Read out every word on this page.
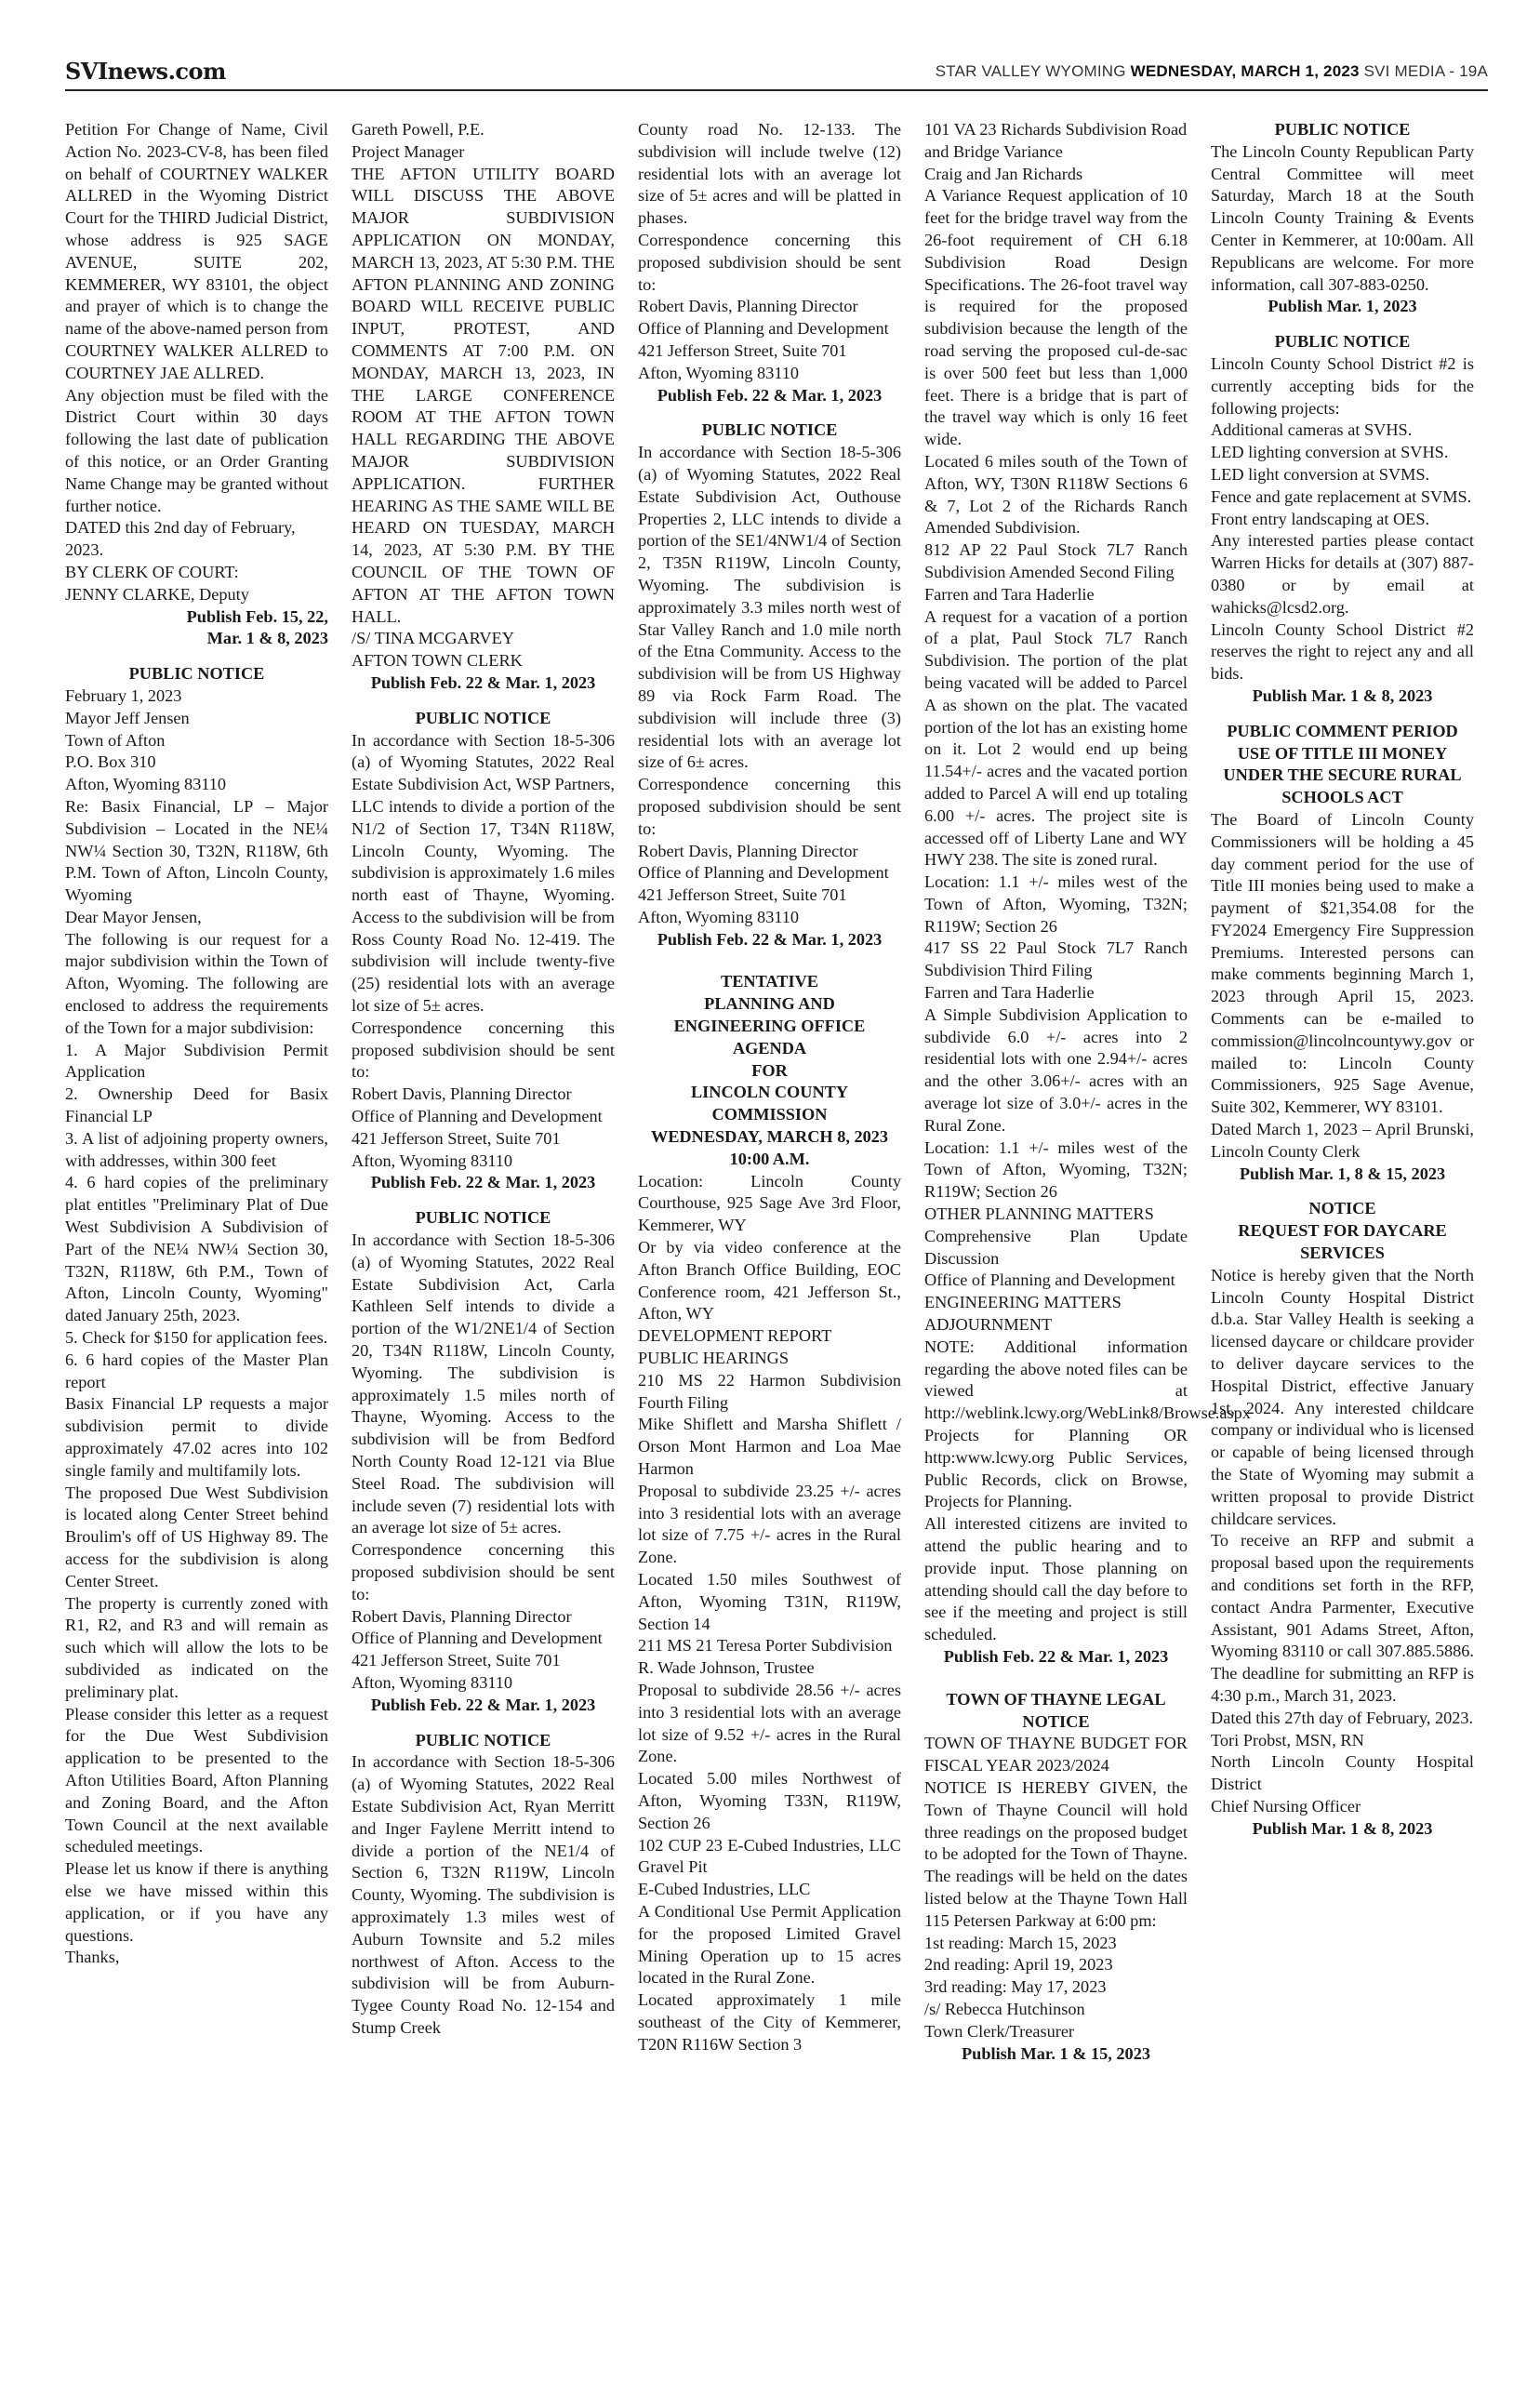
SVInews.com	STAR VALLEY WYOMING WEDNESDAY, MARCH 1, 2023 SVI MEDIA - 19A

Petition For Change of Name, Civil Action No. 2023-CV-8, has been filed on behalf of COURTNEY WALKER ALLRED in the Wyoming District Court for the THIRD Judicial District, whose address is 925 SAGE AVENUE, SUITE 202, KEMMERER, WY 83101, the object and prayer of which is to change the name of the above-named person from COURTNEY WALKER ALLRED to COURTNEY JAE ALLRED.

Any objection must be filed with the District Court within 30 days following the last date of publication of this notice, or an Order Granting Name Change may be granted without further notice.

DATED this 2nd day of February, 2023.

BY CLERK OF COURT:

JENNY CLARKE, Deputy

Publish Feb. 15, 22,

Mar. 1 & 8, 2023

PUBLIC NOTICE

February 1, 2023

Mayor Jeff Jensen

Town of Afton

P.O. Box 310

Afton, Wyoming 83110

Re: Basix Financial, LP – Major Subdivision – Located in the NE¼ NW¼ Section 30, T32N, R118W, 6th P.M. Town of Afton, Lincoln County, Wyoming

Dear Mayor Jensen,

The following is our request for a major subdivision within the Town of Afton, Wyoming. The following are enclosed to address the requirements of the Town for a major subdivision:

1. A Major Subdivision Permit Application

2. Ownership Deed for Basix Financial LP

3. A list of adjoining property owners, with addresses, within 300 feet

4. 6 hard copies of the preliminary plat entitles "Preliminary Plat of Due West Subdivision A Subdivision of Part of the NE¼ NW¼ Section 30, T32N, R118W, 6th P.M., Town of Afton, Lincoln County, Wyoming" dated January 25th, 2023.

5. Check for $150 for application fees.

6. 6 hard copies of the Master Plan report

Basix Financial LP requests a major subdivision permit to divide approximately 47.02 acres into 102 single family and multifamily lots.

The proposed Due West Subdivision is located along Center Street behind Broulim's off of US Highway 89. The access for the subdivision is along Center Street.

The property is currently zoned with R1, R2, and R3 and will remain as such which will allow the lots to be subdivided as indicated on the preliminary plat.

Please consider this letter as a request for the Due West Subdivision application to be presented to the Afton Utilities Board, Afton Planning and Zoning Board, and the Afton Town Council at the next available scheduled meetings.

Please let us know if there is anything else we have missed within this application, or if you have any questions.

Thanks,

Gareth Powell, P.E.

Project Manager

THE AFTON UTILITY BOARD WILL DISCUSS THE ABOVE MAJOR SUBDIVISION APPLICATION ON MONDAY, MARCH 13, 2023, AT 5:30 P.M. THE AFTON PLANNING AND ZONING BOARD WILL RECEIVE PUBLIC INPUT, PROTEST, AND COMMENTS AT 7:00 P.M. ON MONDAY, MARCH 13, 2023, IN THE LARGE CONFERENCE ROOM AT THE AFTON TOWN HALL REGARDING THE ABOVE MAJOR SUBDIVISION APPLICATION. FURTHER HEARING AS THE SAME WILL BE HEARD ON TUESDAY, MARCH 14, 2023, AT 5:30 P.M. BY THE COUNCIL OF THE TOWN OF AFTON AT THE AFTON TOWN HALL.

/S/ TINA MCGARVEY

AFTON TOWN CLERK

Publish Feb. 22 & Mar. 1, 2023

PUBLIC NOTICE

In accordance with Section 18-5-306 (a) of Wyoming Statutes, 2022 Real Estate Subdivision Act, WSP Partners, LLC intends to divide a portion of the N1/2 of Section 17, T34N R118W, Lincoln County, Wyoming. The subdivision is approximately 1.6 miles north east of Thayne, Wyoming. Access to the subdivision will be from Ross County Road No. 12-419. The subdivision will include twenty-five (25) residential lots with an average lot size of 5± acres.

Correspondence concerning this proposed subdivision should be sent to:

Robert Davis, Planning Director

Office of Planning and Development

421 Jefferson Street, Suite 701

Afton, Wyoming 83110

Publish Feb. 22 & Mar. 1, 2023

PUBLIC NOTICE

In accordance with Section 18-5-306 (a) of Wyoming Statutes, 2022 Real Estate Subdivision Act, Carla Kathleen Self intends to divide a portion of the W1/2NE1/4 of Section 20, T34N R118W, Lincoln County, Wyoming. The subdivision is approximately 1.5 miles north of Thayne, Wyoming. Access to the subdivision will be from Bedford North County Road 12-121 via Blue Steel Road. The subdivision will include seven (7) residential lots with an average lot size of 5± acres.

Correspondence concerning this proposed subdivision should be sent to:

Robert Davis, Planning Director

Office of Planning and Development

421 Jefferson Street, Suite 701

Afton, Wyoming 83110

Publish Feb. 22 & Mar. 1, 2023

PUBLIC NOTICE

In accordance with Section 18-5-306 (a) of Wyoming Statutes, 2022 Real Estate Subdivision Act, Ryan Merritt and Inger Faylene Merritt intend to divide a portion of the NE1/4 of Section 6, T32N R119W, Lincoln County, Wyoming. The subdivision is approximately 1.3 miles west of Auburn Townsite and 5.2 miles northwest of Afton. Access to the subdivision will be from Auburn-Tygee County Road No. 12-154 and Stump Creek

County road No. 12-133. The subdivision will include twelve (12) residential lots with an average lot size of 5± acres and will be platted in phases.

Correspondence concerning this proposed subdivision should be sent to:

Robert Davis, Planning Director

Office of Planning and Development

421 Jefferson Street, Suite 701

Afton, Wyoming 83110

Publish Feb. 22 & Mar. 1, 2023

PUBLIC NOTICE

In accordance with Section 18-5-306 (a) of Wyoming Statutes, 2022 Real Estate Subdivision Act, Outhouse Properties 2, LLC intends to divide a portion of the SE1/4NW1/4 of Section 2, T35N R119W, Lincoln County, Wyoming. The subdivision is approximately 3.3 miles north west of Star Valley Ranch and 1.0 mile north of the Etna Community. Access to the subdivision will be from US Highway 89 via Rock Farm Road. The subdivision will include three (3) residential lots with an average lot size of 6± acres.

Correspondence concerning this proposed subdivision should be sent to:

Robert Davis, Planning Director

Office of Planning and Development

421 Jefferson Street, Suite 701

Afton, Wyoming 83110

Publish Feb. 22 & Mar. 1, 2023

TENTATIVE

PLANNING AND

ENGINEERING OFFICE

AGENDA

FOR

LINCOLN COUNTY

COMMISSION

WEDNESDAY, MARCH 8, 2023

10:00 A.M.

Location: Lincoln County Courthouse, 925 Sage Ave 3rd Floor, Kemmerer, WY

Or by via video conference at the Afton Branch Office Building, EOC Conference room, 421 Jefferson St., Afton, WY

DEVELOPMENT REPORT

PUBLIC HEARINGS

210 MS 22 Harmon Subdivision Fourth Filing

Mike Shiflett and Marsha Shiflett / Orson Mont Harmon and Loa Mae Harmon

Proposal to subdivide 23.25 +/- acres into 3 residential lots with an average lot size of 7.75 +/- acres in the Rural Zone.

Located 1.50 miles Southwest of Afton, Wyoming T31N, R119W, Section 14

211 MS 21 Teresa Porter Subdivision

R. Wade Johnson, Trustee

Proposal to subdivide 28.56 +/- acres into 3 residential lots with an average lot size of 9.52 +/- acres in the Rural Zone.

Located 5.00 miles Northwest of Afton, Wyoming T33N, R119W, Section 26

102 CUP 23 E-Cubed Industries, LLC Gravel Pit

E-Cubed Industries, LLC

A Conditional Use Permit Application for the proposed Limited Gravel Mining Operation up to 15 acres located in the Rural Zone.

Located approximately 1 mile southeast of the City of Kemmerer, T20N R116W Section 3

101 VA 23 Richards Subdivision Road and Bridge Variance

Craig and Jan Richards

A Variance Request application of 10 feet for the bridge travel way from the 26-foot requirement of CH 6.18 Subdivision Road Design Specifications. The 26-foot travel way is required for the proposed subdivision because the length of the road serving the proposed cul-de-sac is over 500 feet but less than 1,000 feet. There is a bridge that is part of the travel way which is only 16 feet wide.

Located 6 miles south of the Town of Afton, WY, T30N R118W Sections 6 & 7, Lot 2 of the Richards Ranch Amended Subdivision.

812 AP 22 Paul Stock 7L7 Ranch Subdivision Amended Second Filing

Farren and Tara Haderlie

A request for a vacation of a portion of a plat, Paul Stock 7L7 Ranch Subdivision. The portion of the plat being vacated will be added to Parcel A as shown on the plat. The vacated portion of the lot has an existing home on it. Lot 2 would end up being 11.54+/- acres and the vacated portion added to Parcel A will end up totaling 6.00 +/- acres. The project site is accessed off of Liberty Lane and WY HWY 238. The site is zoned rural.

Location: 1.1 +/- miles west of the Town of Afton, Wyoming, T32N; R119W; Section 26

417 SS 22 Paul Stock 7L7 Ranch Subdivision Third Filing

Farren and Tara Haderlie

A Simple Subdivision Application to subdivide 6.0 +/- acres into 2 residential lots with one 2.94+/- acres and the other 3.06+/- acres with an average lot size of 3.0+/- acres in the Rural Zone.

Location: 1.1 +/- miles west of the Town of Afton, Wyoming, T32N; R119W; Section 26

OTHER PLANNING MATTERS

Comprehensive Plan Update Discussion

Office of Planning and Development

ENGINEERING MATTERS

ADJOURNMENT

NOTE: Additional information regarding the above noted files can be viewed at http://weblink.lcwy.org/WebLink8/Browse.aspx Projects for Planning OR http:www.lcwy.org Public Services, Public Records, click on Browse, Projects for Planning.

All interested citizens are invited to attend the public hearing and to provide input. Those planning on attending should call the day before to see if the meeting and project is still scheduled.

Publish Feb. 22 & Mar. 1, 2023

TOWN OF THAYNE LEGAL

NOTICE

TOWN OF THAYNE BUDGET FOR FISCAL YEAR 2023/2024

NOTICE IS HEREBY GIVEN, the Town of Thayne Council will hold three readings on the proposed budget to be adopted for the Town of Thayne. The readings will be held on the dates listed below at the Thayne Town Hall 115 Petersen Parkway at 6:00 pm:

1st reading: March 15, 2023

2nd reading: April 19, 2023

3rd reading: May 17, 2023

/s/ Rebecca Hutchinson

Town Clerk/Treasurer

Publish Mar. 1 & 15, 2023

PUBLIC NOTICE

The Lincoln County Republican Party Central Committee will meet Saturday, March 18 at the South Lincoln County Training & Events Center in Kemmerer, at 10:00am. All Republicans are welcome. For more information, call 307-883-0250.

Publish Mar. 1, 2023

PUBLIC NOTICE

Lincoln County School District #2 is currently accepting bids for the following projects:

Additional cameras at SVHS.

LED lighting conversion at SVHS.

LED light conversion at SVMS.

Fence and gate replacement at SVMS.

Front entry landscaping at OES.

Any interested parties please contact Warren Hicks for details at (307) 887-0380 or by email at wahicks@lcsd2.org.

Lincoln County School District #2 reserves the right to reject any and all bids.

Publish Mar. 1 & 8, 2023

PUBLIC COMMENT PERIOD

USE OF TITLE III MONEY

UNDER THE SECURE RURAL

SCHOOLS ACT

The Board of Lincoln County Commissioners will be holding a 45 day comment period for the use of Title III monies being used to make a payment of $21,354.08 for the FY2024 Emergency Fire Suppression Premiums. Interested persons can make comments beginning March 1, 2023 through April 15, 2023. Comments can be e-mailed to commission@lincolncountywy.gov or mailed to: Lincoln County Commissioners, 925 Sage Avenue, Suite 302, Kemmerer, WY 83101.

Dated March 1, 2023 – April Brunski, Lincoln County Clerk

Publish Mar. 1, 8 & 15, 2023

NOTICE

REQUEST FOR DAYCARE

SERVICES

Notice is hereby given that the North Lincoln County Hospital District d.b.a. Star Valley Health is seeking a licensed daycare or childcare provider to deliver daycare services to the Hospital District, effective January 1st, 2024. Any interested childcare company or individual who is licensed or capable of being licensed through the State of Wyoming may submit a written proposal to provide District childcare services.

To receive an RFP and submit a proposal based upon the requirements and conditions set forth in the RFP, contact Andra Parmenter, Executive Assistant, 901 Adams Street, Afton, Wyoming 83110 or call 307.885.5886. The deadline for submitting an RFP is 4:30 p.m., March 31, 2023.

Dated this 27th day of February, 2023.

Tori Probst, MSN, RN

North Lincoln County Hospital District

Chief Nursing Officer

Publish Mar. 1 & 8, 2023
